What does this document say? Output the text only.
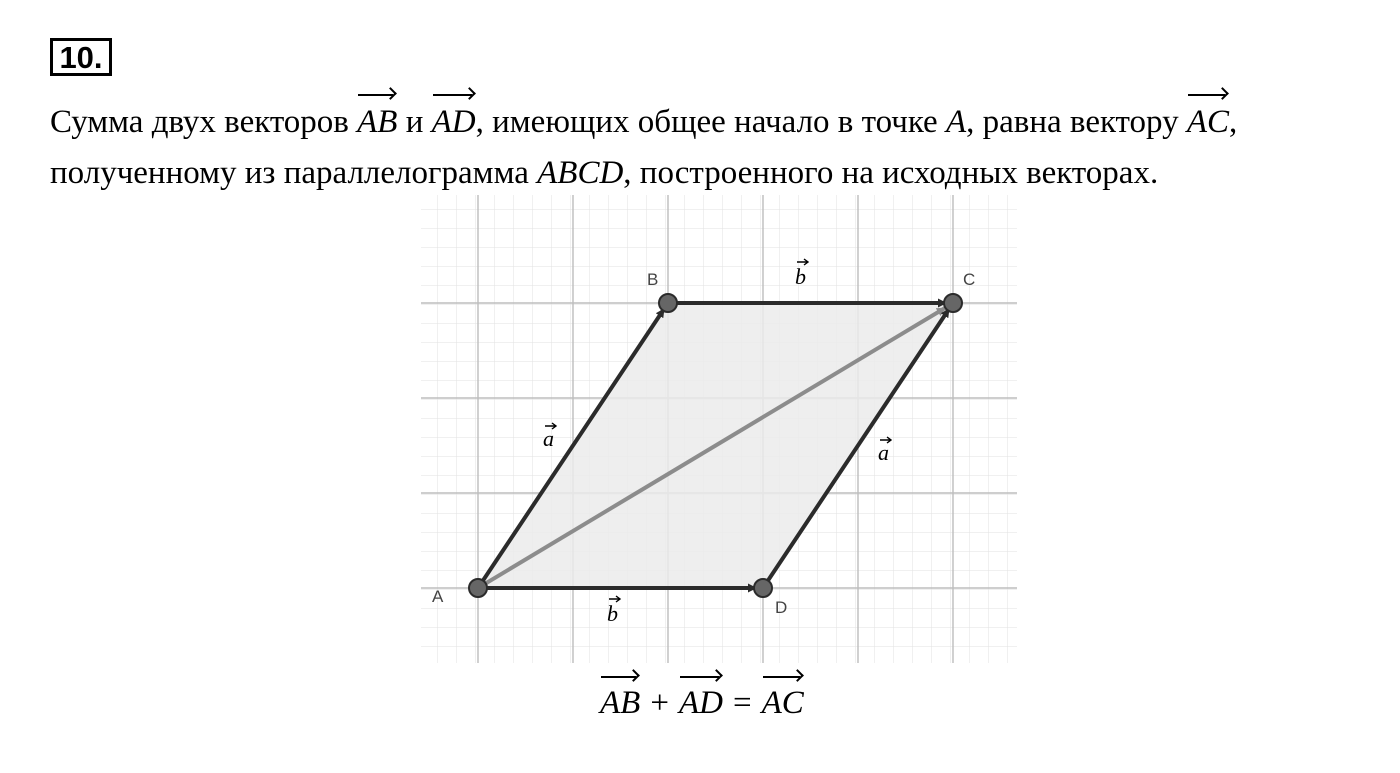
10.
Сумма двух векторов AB и AD, имеющих общее начало в точке A, равна вектору AC,
полученному из параллелограмма ABCD, построенного на исходных векторах.
A
B	C
D
a
a
b
b
AB + AD = AC
